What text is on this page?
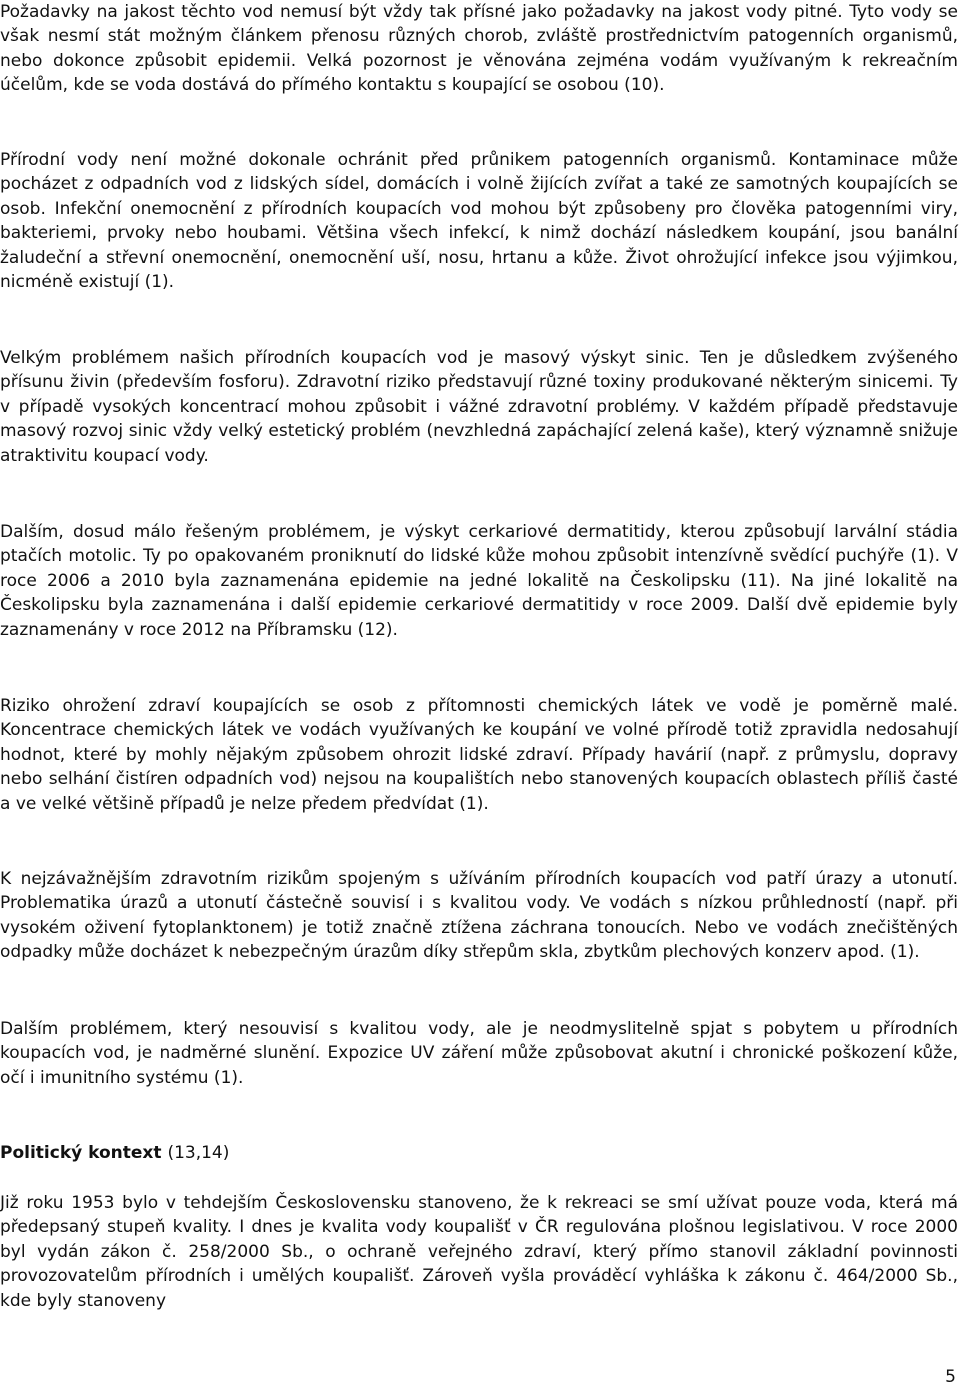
Požadavky na jakost těchto vod nemusí být vždy tak přísné jako požadavky na jakost vody pitné. Tyto vody se však nesmí stát možným článkem přenosu různých chorob, zvláště prostřednictvím patogenních organismů, nebo dokonce způsobit epidemii. Velká pozornost je věnována zejména vodám využívaným k rekreačním účelům, kde se voda dostává do přímého kontaktu s koupající se osobou (10).

Přírodní vody není možné dokonale ochránit před průnikem patogenních organismů. Kontaminace může pocházet z odpadních vod z lidských sídel, domácích i volně žijících zvířat a také ze samotných koupajících se osob. Infekční onemocnění z přírodních koupacích vod mohou být způsobeny pro člověka patogenními viry, bakteriemi, prvoky nebo houbami. Většina všech infekcí, k nimž dochází následkem koupání, jsou banální žaludeční a střevní onemocnění, onemocnění uší, nosu, hrtanu a kůže. Život ohrožující infekce jsou výjimkou, nicméně existují (1).

Velkým problémem našich přírodních koupacích vod je masový výskyt sinic. Ten je důsledkem zvýšeného přísunu živin (především fosforu). Zdravotní riziko představují různé toxiny produkované některým sinicemi. Ty v případě vysokých koncentrací mohou způsobit i vážné zdravotní problémy. V každém případě představuje masový rozvoj sinic vždy velký estetický problém (nevzhledná zapáchající zelená kaše), který významně snižuje atraktivitu koupací vody.

Dalším, dosud málo řešeným problémem, je výskyt cerkariové dermatitidy, kterou způsobují larvální stádia ptačích motolic. Ty po opakovaném proniknutí do lidské kůže mohou způsobit intenzívně svědící puchýře (1). V roce 2006 a 2010 byla zaznamenána epidemie na jedné lokalitě na Českolipsku (11). Na jiné lokalitě na Českolipsku byla zaznamenána i další epidemie cerkariové dermatitidy v roce 2009. Další dvě epidemie byly zaznamenány v roce 2012 na Příbramsku (12).

Riziko ohrožení zdraví koupajících se osob z přítomnosti chemických látek ve vodě je poměrně malé. Koncentrace chemických látek ve vodách využívaných ke koupání ve volné přírodě totiž zpravidla nedosahují hodnot, které by mohly nějakým způsobem ohrozit lidské zdraví. Případy havárií (např. z průmyslu, dopravy nebo selhání čistíren odpadních vod) nejsou na koupalištích nebo stanovených koupacích oblastech příliš časté a ve velké většině případů je nelze předem předvídat (1).

K nejzávažnějším zdravotním rizikům spojeným s užíváním přírodních koupacích vod patří úrazy a utonutí. Problematika úrazů a utonutí částečně souvisí i s kvalitou vody. Ve vodách s nízkou průhledností (např. při vysokém oživení fytoplanktonem) je totiž značně ztížena záchrana tonoucích. Nebo ve vodách znečištěných odpadky může docházet k nebezpečným úrazům díky střepům skla, zbytkům plechových konzerv apod. (1).

Dalším problémem, který nesouvisí s kvalitou vody, ale je neodmyslitelně spjat s pobytem u přírodních koupacích vod, je nadměrné slunění. Expozice UV záření může způsobovat akutní i chronické poškození kůže, očí i imunitního systému (1).

Politický kontext (13,14)

Již roku 1953 bylo v tehdejším Československu stanoveno, že k rekreaci se smí užívat pouze voda, která má předepsaný stupeň kvality. I dnes je kvalita vody koupališť v ČR regulována plošnou legislativou. V roce 2000 byl vydán zákon č. 258/2000 Sb., o ochraně veřejného zdraví, který přímo stanovil základní povinnosti provozovatelům přírodních i umělých koupališť. Zároveň vyšla prováděcí vyhláška k zákonu č. 464/2000 Sb., kde byly stanoveny

5
